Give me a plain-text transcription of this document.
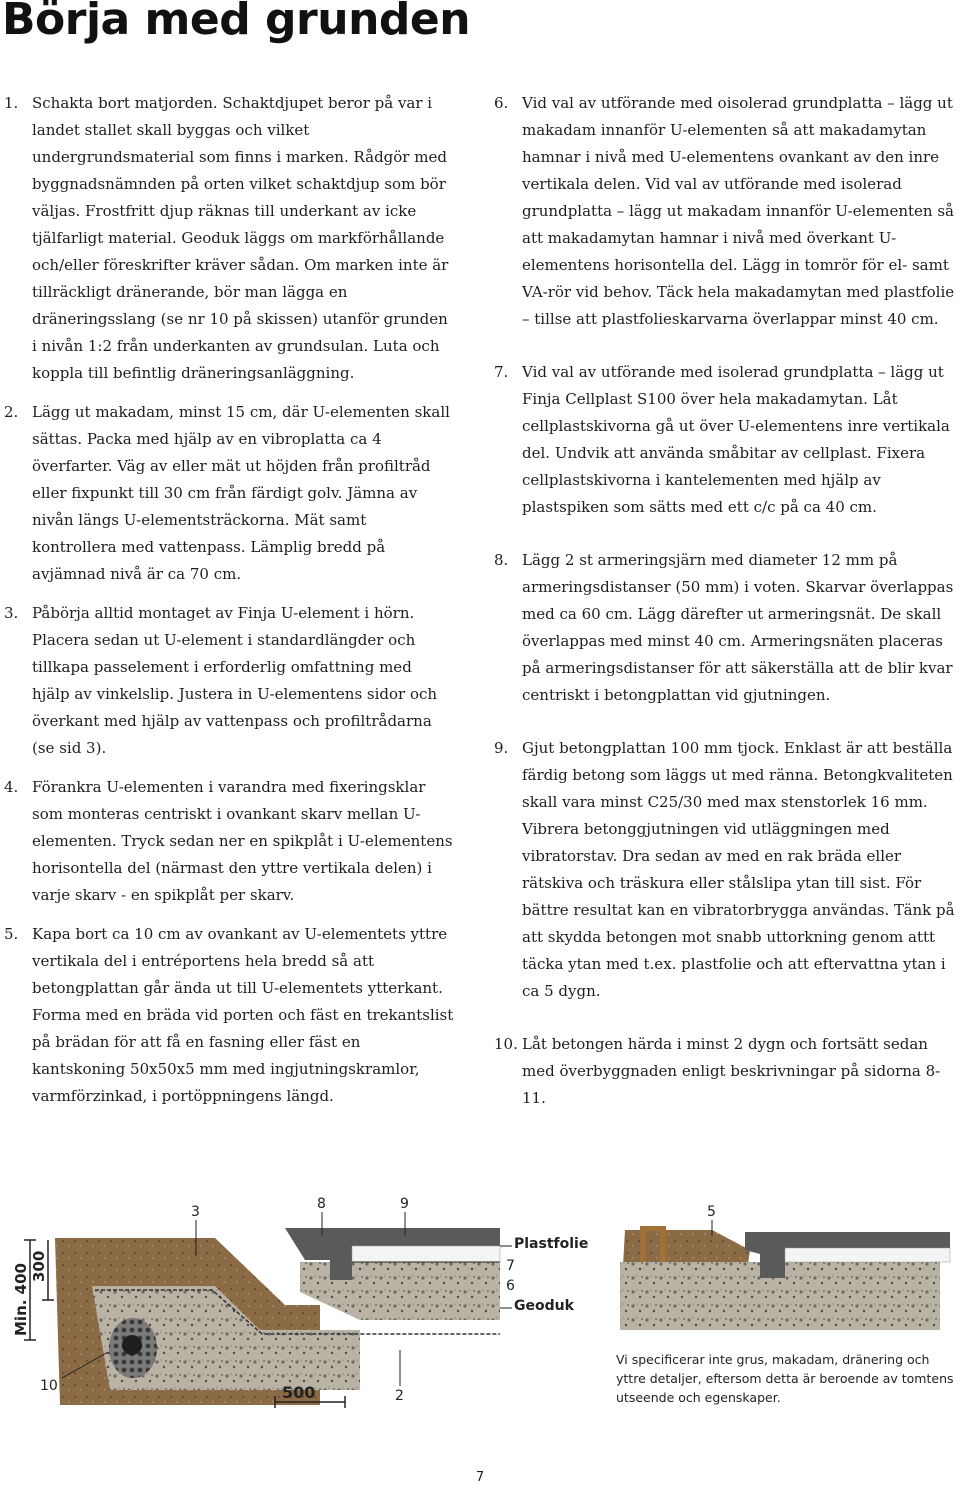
Börja med grunden
1. Schakta bort matjorden. Schaktdjupet beror på var i landet stallet skall byggas och vilket undergrundsmaterial som finns i marken. Rådgör med byggnadsnämnden på orten vilket schaktdjup som bör väljas. Frostfritt djup räknas till underkant av icke tjälfarligt material. Geoduk läggs om markförhållande och/eller föreskrifter kräver sådan. Om marken inte är tillräckligt dränerande, bör man lägga en dräneringsslang (se nr 10 på skissen) utanför grunden i nivån 1:2 från underkanten av grundsulan. Luta och koppla till befintlig dräneringsanläggning.
2. Lägg ut makadam, minst 15 cm, där U-elementen skall sättas. Packa med hjälp av en vibroplatta ca 4 överfarter. Väg av eller mät ut höjden från profiltråd eller fixpunkt till 30 cm från färdigt golv. Jämna av nivån längs U-elementsträckorna. Mät samt kontrollera med vattenpass. Lämplig bredd på avjämnad nivå är ca 70 cm.
3. Påbörja alltid montaget av Finja U-element i hörn. Placera sedan ut U-element i standardlängder och tillkapa passelement i erforderlig omfattning med hjälp av vinkelslip. Justera in U-elementens sidor och överkant med hjälp av vattenpass och profiltrådarna (se sid 3).
4. Förankra U-elementen i varandra med fixeringsklar som monteras centriskt i ovankant skarv mellan U-elementen. Tryck sedan ner en spikplåt i U-elementens horisontella del (närmast den yttre vertikala delen) i varje skarv - en spikplåt per skarv.
5. Kapa bort ca 10 cm av ovankant av U-elementets yttre vertikala del i entréportens hela bredd så att betongplattan går ända ut till U-elementets ytterkant. Forma med en bräda vid porten och fäst en trekantslist på brädan för att få en fasning eller fäst en kantskoning 50x50x5 mm med ingjutningskramlor, varmförzinkad, i portöppningens längd.
6. Vid val av utförande med oisolerad grundplatta – lägg ut makadam innanför U-elementen så att makadamytan hamnar i nivå med U-elementens ovankant av den inre vertikala delen. Vid val av utförande med isolerad grundplatta – lägg ut makadam innanför U-elementen så att makadamytan hamnar i nivå med överkant U-elementens horisontella del. Lägg in tomrör för el- samt VA-rör vid behov. Täck hela makadamytan med plastfolie – tillse att plastfolieskarvarna överlappar minst 40 cm.
7. Vid val av utförande med isolerad grundplatta – lägg ut Finja Cellplast S100 över hela makadamytan. Låt cellplastskivorna gå ut över U-elementens inre vertikala del. Undvik att använda småbitar av cellplast. Fixera cellplastskivorna i kantelementen med hjälp av plastspiken som sätts med ett c/c på ca 40 cm.
8. Lägg 2 st armeringsjärn med diameter 12 mm på armeringsdistanser (50 mm) i voten. Skarvar överlappas med ca 60 cm. Lägg därefter ut armeringsnät. De skall överlappas med minst 40 cm. Armeringsnäten placeras på armeringsdistanser för att säkerställa att de blir kvar centriskt i betongplattan vid gjutningen.
9. Gjut betongplattan 100 mm tjock. Enklast är att beställa färdig betong som läggs ut med ränna. Betongkvaliteten skall vara minst C25/30 med max stenstorlek 16 mm. Vibrera betonggjutningen vid utläggningen med vibratorstav. Dra sedan av med en rak bräda eller rätskiva och träskura eller stålslipa ytan till sist. För bättre resultat kan en vibratorbrygga användas. Tänk på att skydda betongen mot snabb uttorkning genom attt täcka ytan med t.ex. plastfolie och att eftervattna ytan i ca 5 dygn.
10. Låt betongen härda i minst 2 dygn och fortsätt sedan med överbyggnaden enligt beskrivningar på sidorna 8-11.
Min. 400 300
500
3	8	9
Plastfolie
7
6
Geoduk
10
2
5
Vi specificerar inte grus, makadam, dränering och yttre detaljer, eftersom detta är beroende av tomtens utseende och egenskaper.
7
